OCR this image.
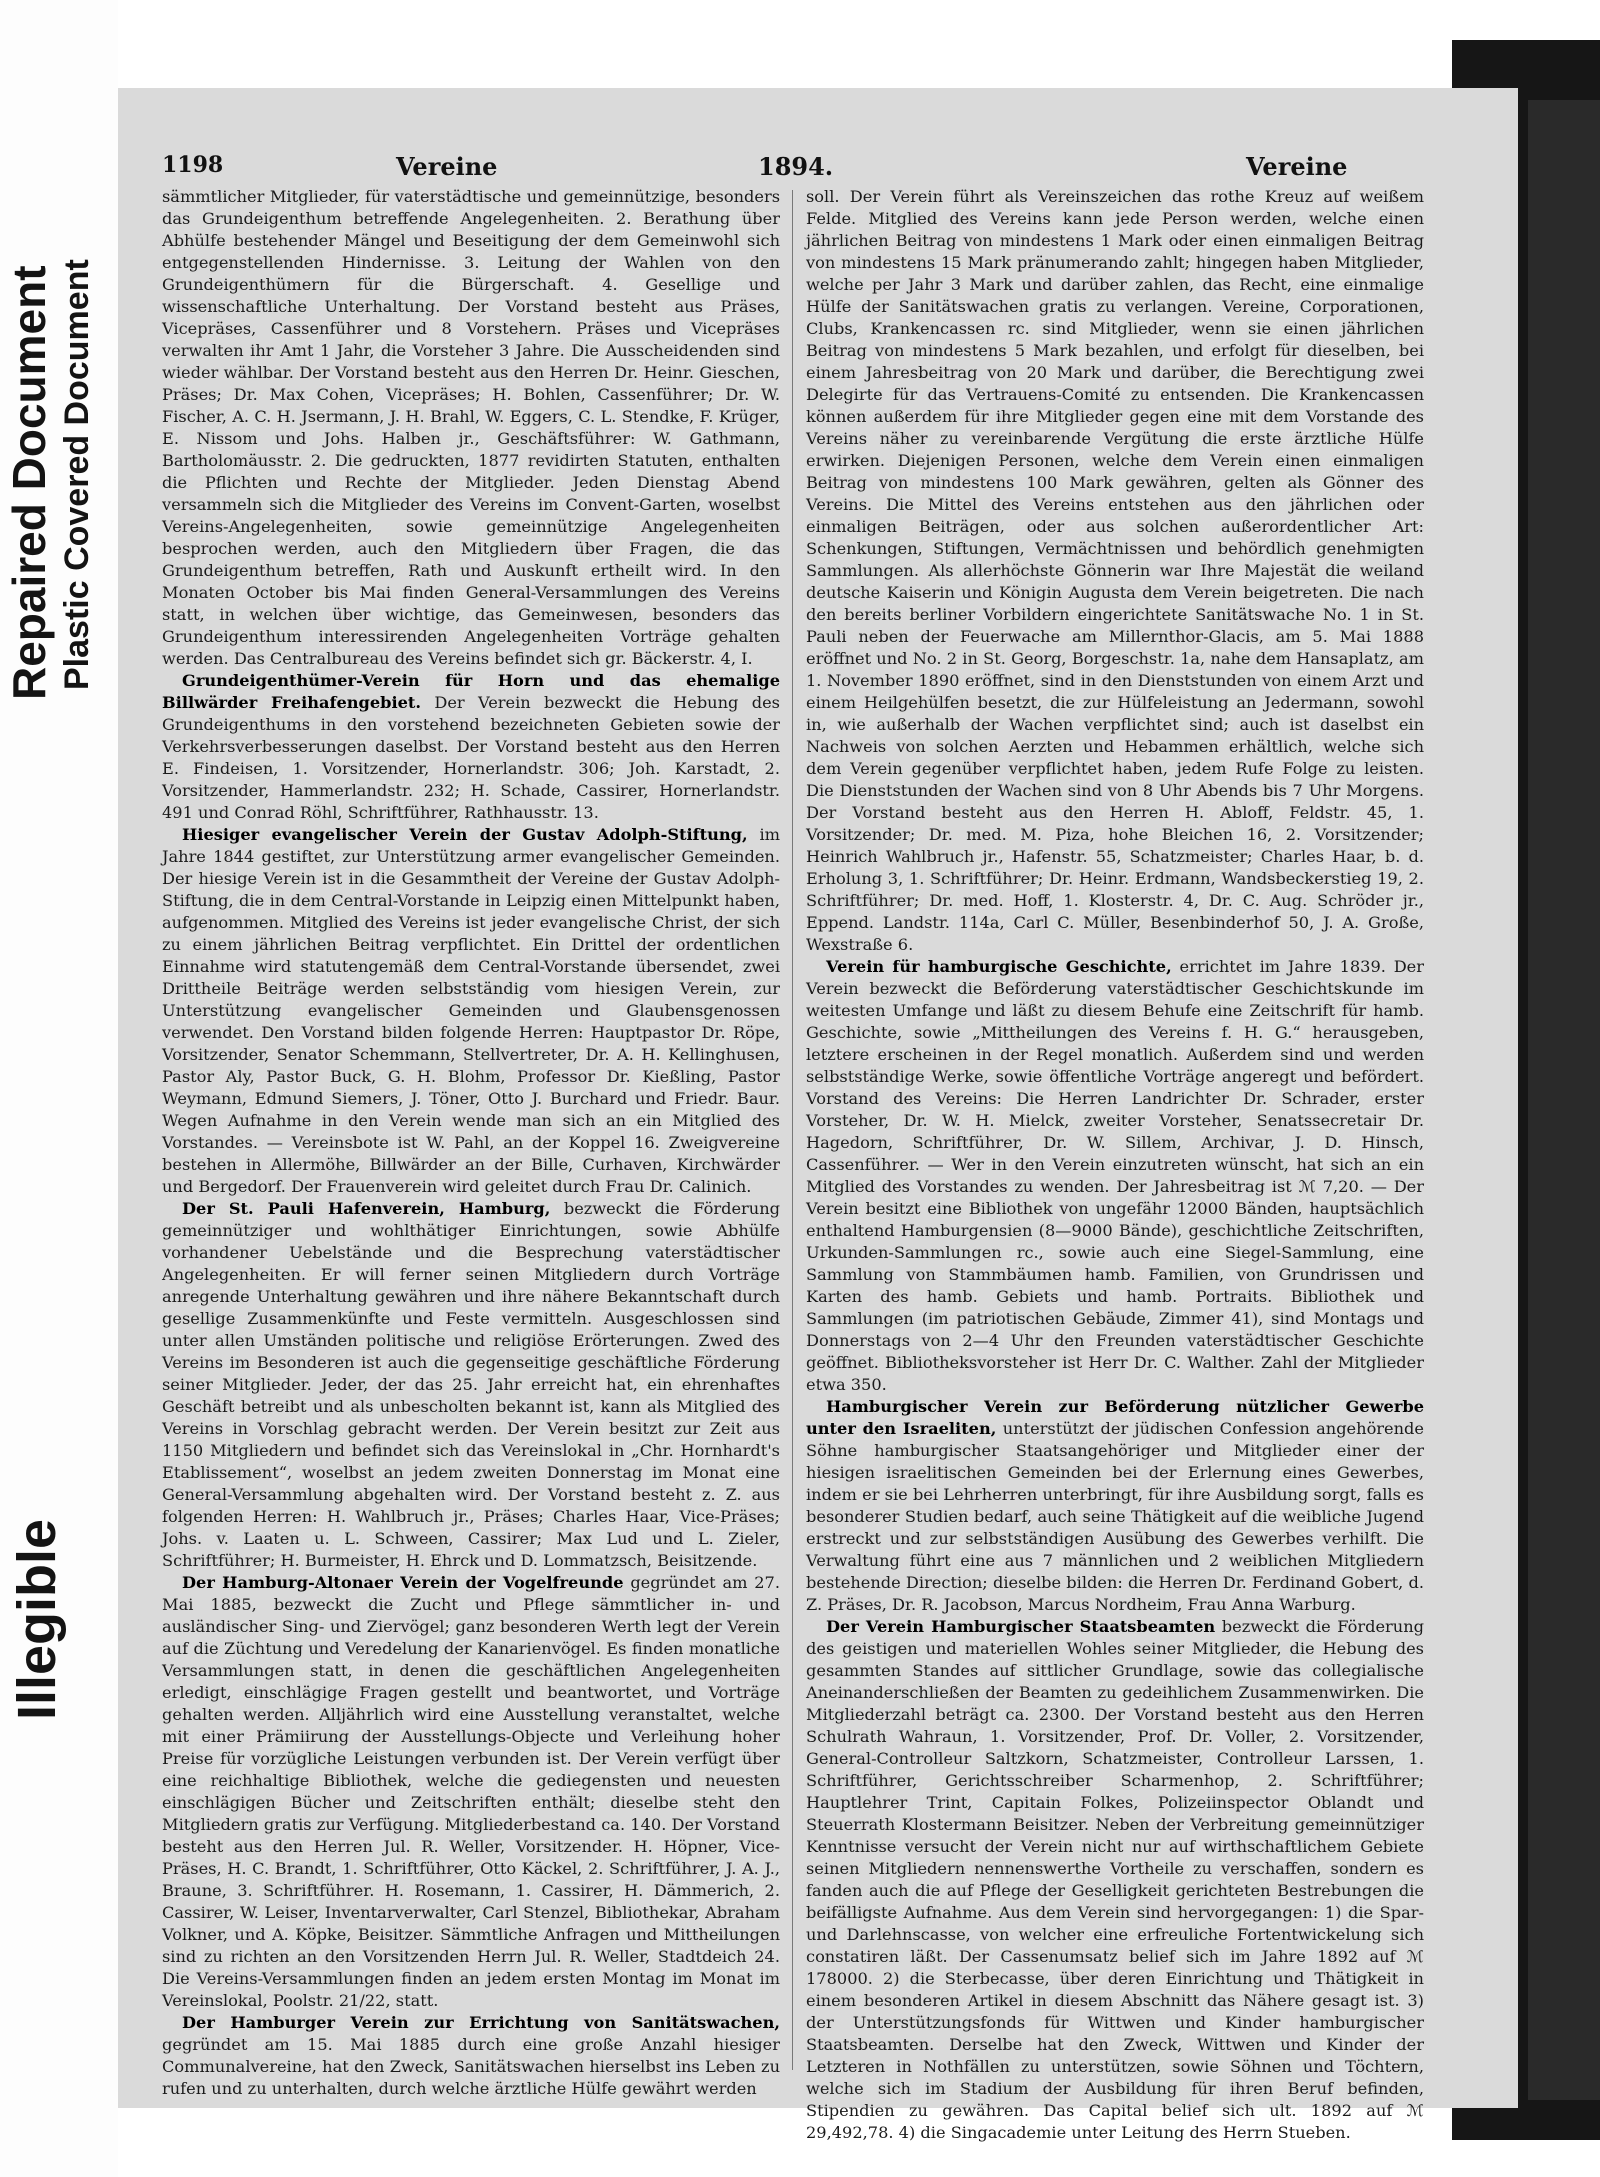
Repaired Document Plastic Covered Document
Illegible
1198	Vereine	1894.	Vereine

sämmtlicher Mitglieder, für vaterstädtische und gemeinnützige, besonders das Grundeigenthum betreffende Angelegenheiten. 2. Berathung über Abhülfe bestehender Mängel und Beseitigung der dem Gemeinwohl sich entgegenstellenden Hindernisse. 3. Leitung der Wahlen von den Grundeigenthümern für die Bürgerschaft. 4. Gesellige und wissenschaftliche Unterhaltung. Der Vorstand besteht aus Präses, Vicepräses, Cassenführer und 8 Vorstehern. Präses und Vicepräses verwalten ihr Amt 1 Jahr, die Vorsteher 3 Jahre. Die Ausscheidenden sind wieder wählbar. Der Vorstand besteht aus den Herren Dr. Heinr. Gieschen, Präses; Dr. Max Cohen, Vicepräses; H. Bohlen, Cassenführer; Dr. W. Fischer, A. C. H. Jsermann, J. H. Brahl, W. Eggers, C. L. Stendke, F. Krüger, E. Nissom und Johs. Halben jr., Geschäftsführer: W. Gathmann, Bartholomäusstr. 2. Die gedruckten, 1877 revidirten Statuten, enthalten die Pflichten und Rechte der Mitglieder. Jeden Dienstag Abend versammeln sich die Mitglieder des Vereins im Convent-Garten, woselbst Vereins-Angelegenheiten, sowie gemeinnützige Angelegenheiten besprochen werden, auch den Mitgliedern über Fragen, die das Grundeigenthum betreffen, Rath und Auskunft ertheilt wird. In den Monaten October bis Mai finden General-Versammlungen des Vereins statt, in welchen über wichtige, das Gemeinwesen, besonders das Grundeigenthum interessirenden Angelegenheiten Vorträge gehalten werden. Das Centralbureau des Vereins befindet sich gr. Bäckerstr. 4, I.

Grundeigenthümer-Verein für Horn und das ehemalige Billwärder Freihafengebiet. Der Verein bezweckt die Hebung des Grundeigenthums in den vorstehend bezeichneten Gebieten sowie der Verkehrsverbesserungen daselbst. Der Vorstand besteht aus den Herren E. Findeisen, 1. Vorsitzender, Hornerlandstr. 306; Joh. Karstadt, 2. Vorsitzender, Hammerlandstr. 232; H. Schade, Cassirer, Hornerlandstr. 491 und Conrad Röhl, Schriftführer, Rathhausstr. 13.

Hiesiger evangelischer Verein der Gustav Adolph-Stiftung, im Jahre 1844 gestiftet, zur Unterstützung armer evangelischer Gemeinden. Der hiesige Verein ist in die Gesammtheit der Vereine der Gustav Adolph-Stiftung, die in dem Central-Vorstande in Leipzig einen Mittelpunkt haben, aufgenommen. Mitglied des Vereins ist jeder evangelische Christ, der sich zu einem jährlichen Beitrag verpflichtet. Ein Drittel der ordentlichen Einnahme wird statutengemäß dem Central-Vorstande übersendet, zwei Drittheile Beiträge werden selbstständig vom hiesigen Verein, zur Unterstützung evangelischer Gemeinden und Glaubensgenossen verwendet. Den Vorstand bilden folgende Herren: Hauptpastor Dr. Röpe, Vorsitzender, Senator Schemmann, Stellvertreter, Dr. A. H. Kellinghusen, Pastor Aly, Pastor Buck, G. H. Blohm, Professor Dr. Kießling, Pastor Weymann, Edmund Siemers, J. Töner, Otto J. Burchard und Friedr. Baur. Wegen Aufnahme in den Verein wende man sich an ein Mitglied des Vorstandes. — Vereinsbote ist W. Pahl, an der Koppel 16. Zweigvereine bestehen in Allermöhe, Billwärder an der Bille, Curhaven, Kirchwärder und Bergedorf. Der Frauenverein wird geleitet durch Frau Dr. Calinich.

Der St. Pauli Hafenverein, Hamburg, bezweckt die Förderung gemeinnütziger und wohlthätiger Einrichtungen, sowie Abhülfe vorhandener Uebelstände und die Besprechung vaterstädtischer Angelegenheiten. Er will ferner seinen Mitgliedern durch Vorträge anregende Unterhaltung gewähren und ihre nähere Bekanntschaft durch gesellige Zusammenkünfte und Feste vermitteln. Ausgeschlossen sind unter allen Umständen politische und religiöse Erörterungen. Zwed des Vereins im Besonderen ist auch die gegenseitige geschäftliche Förderung seiner Mitglieder. Jeder, der das 25. Jahr erreicht hat, ein ehrenhaftes Geschäft betreibt und als unbescholten bekannt ist, kann als Mitglied des Vereins in Vorschlag gebracht werden. Der Verein besitzt zur Zeit aus 1150 Mitgliedern und befindet sich das Vereinslokal in „Chr. Hornhardt's Etablissement“, woselbst an jedem zweiten Donnerstag im Monat eine General-Versammlung abgehalten wird. Der Vorstand besteht z. Z. aus folgenden Herren: H. Wahlbruch jr., Präses; Charles Haar, Vice-Präses; Johs. v. Laaten u. L. Schween, Cassirer; Max Lud und L. Zieler, Schriftführer; H. Burmeister, H. Ehrck und D. Lommatzsch, Beisitzende.

Der Hamburg-Altonaer Verein der Vogelfreunde gegründet am 27. Mai 1885, bezweckt die Zucht und Pflege sämmtlicher in- und ausländischer Sing- und Ziervögel; ganz besonderen Werth legt der Verein auf die Züchtung und Veredelung der Kanarienvögel. Es finden monatliche Versammlungen statt, in denen die geschäftlichen Angelegenheiten erledigt, einschlägige Fragen gestellt und beantwortet, und Vorträge gehalten werden. Alljährlich wird eine Ausstellung veranstaltet, welche mit einer Prämiirung der Ausstellungs-Objecte und Verleihung hoher Preise für vorzügliche Leistungen verbunden ist. Der Verein verfügt über eine reichhaltige Bibliothek, welche die gediegensten und neuesten einschlägigen Bücher und Zeitschriften enthält; dieselbe steht den Mitgliedern gratis zur Verfügung. Mitgliederbestand ca. 140. Der Vorstand besteht aus den Herren Jul. R. Weller, Vorsitzender. H. Höpner, Vice-Präses, H. C. Brandt, 1. Schriftführer, Otto Käckel, 2. Schriftführer, J. A. J., Braune, 3. Schriftführer. H. Rosemann, 1. Cassirer, H. Dämmerich, 2. Cassirer, W. Leiser, Inventarverwalter, Carl Stenzel, Bibliothekar, Abraham Volkner, und A. Köpke, Beisitzer. Sämmtliche Anfragen und Mittheilungen sind zu richten an den Vorsitzenden Herrn Jul. R. Weller, Stadtdeich 24. Die Vereins-Versammlungen finden an jedem ersten Montag im Monat im Vereinslokal, Poolstr. 21/22, statt.

Der Hamburger Verein zur Errichtung von Sanitätswachen, gegründet am 15. Mai 1885 durch eine große Anzahl hiesiger Communalvereine, hat den Zweck, Sanitätswachen hierselbst ins Leben zu rufen und zu unterhalten, durch welche ärztliche Hülfe gewährt werden

soll. Der Verein führt als Vereinszeichen das rothe Kreuz auf weißem Felde. Mitglied des Vereins kann jede Person werden, welche einen jährlichen Beitrag von mindestens 1 Mark oder einen einmaligen Beitrag von mindestens 15 Mark pränumerando zahlt; hingegen haben Mitglieder, welche per Jahr 3 Mark und darüber zahlen, das Recht, eine einmalige Hülfe der Sanitätswachen gratis zu verlangen. Vereine, Corporationen, Clubs, Krankencassen rc. sind Mitglieder, wenn sie einen jährlichen Beitrag von mindestens 5 Mark bezahlen, und erfolgt für dieselben, bei einem Jahresbeitrag von 20 Mark und darüber, die Berechtigung zwei Delegirte für das Vertrauens-Comité zu entsenden. Die Krankencassen können außerdem für ihre Mitglieder gegen eine mit dem Vorstande des Vereins näher zu vereinbarende Vergütung die erste ärztliche Hülfe erwirken. Diejenigen Personen, welche dem Verein einen einmaligen Beitrag von mindestens 100 Mark gewähren, gelten als Gönner des Vereins. Die Mittel des Vereins entstehen aus den jährlichen oder einmaligen Beiträgen, oder aus solchen außerordentlicher Art: Schenkungen, Stiftungen, Vermächtnissen und behördlich genehmigten Sammlungen. Als allerhöchste Gönnerin war Ihre Majestät die weiland deutsche Kaiserin und Königin Augusta dem Verein beigetreten. Die nach den bereits berliner Vorbildern eingerichtete Sanitätswache No. 1 in St. Pauli neben der Feuerwache am Millernthor-Glacis, am 5. Mai 1888 eröffnet und No. 2 in St. Georg, Borgeschstr. 1a, nahe dem Hansaplatz, am 1. November 1890 eröffnet, sind in den Dienststunden von einem Arzt und einem Heilgehülfen besetzt, die zur Hülfeleistung an Jedermann, sowohl in, wie außerhalb der Wachen verpflichtet sind; auch ist daselbst ein Nachweis von solchen Aerzten und Hebammen erhältlich, welche sich dem Verein gegenüber verpflichtet haben, jedem Rufe Folge zu leisten. Die Dienststunden der Wachen sind von 8 Uhr Abends bis 7 Uhr Morgens. Der Vorstand besteht aus den Herren H. Abloff, Feldstr. 45, 1. Vorsitzender; Dr. med. M. Piza, hohe Bleichen 16, 2. Vorsitzender; Heinrich Wahlbruch jr., Hafenstr. 55, Schatzmeister; Charles Haar, b. d. Erholung 3, 1. Schriftführer; Dr. Heinr. Erdmann, Wandsbeckerstieg 19, 2. Schriftführer; Dr. med. Hoff, 1. Klosterstr. 4, Dr. C. Aug. Schröder jr., Eppend. Landstr. 114a, Carl C. Müller, Besenbinderhof 50, J. A. Große, Wexstraße 6.

Verein für hamburgische Geschichte, errichtet im Jahre 1839. Der Verein bezweckt die Beförderung vaterstädtischer Geschichtskunde im weitesten Umfange und läßt zu diesem Behufe eine Zeitschrift für hamb. Geschichte, sowie „Mittheilungen des Vereins f. H. G.“ herausgeben, letztere erscheinen in der Regel monatlich. Außerdem sind und werden selbstständige Werke, sowie öffentliche Vorträge angeregt und befördert. Vorstand des Vereins: Die Herren Landrichter Dr. Schrader, erster Vorsteher, Dr. W. H. Mielck, zweiter Vorsteher, Senatssecretair Dr. Hagedorn, Schriftführer, Dr. W. Sillem, Archivar, J. D. Hinsch, Cassenführer. — Wer in den Verein einzutreten wünscht, hat sich an ein Mitglied des Vorstandes zu wenden. Der Jahresbeitrag ist ℳ 7,20. — Der Verein besitzt eine Bibliothek von ungefähr 12000 Bänden, hauptsächlich enthaltend Hamburgensien (8—9000 Bände), geschichtliche Zeitschriften, Urkunden-Sammlungen rc., sowie auch eine Siegel-Sammlung, eine Sammlung von Stammbäumen hamb. Familien, von Grundrissen und Karten des hamb. Gebiets und hamb. Portraits. Bibliothek und Sammlungen (im patriotischen Gebäude, Zimmer 41), sind Montags und Donnerstags von 2—4 Uhr den Freunden vaterstädtischer Geschichte geöffnet. Bibliotheksvorsteher ist Herr Dr. C. Walther. Zahl der Mitglieder etwa 350.

Hamburgischer Verein zur Beförderung nützlicher Gewerbe unter den Israeliten, unterstützt der jüdischen Confession angehörende Söhne hamburgischer Staatsangehöriger und Mitglieder einer der hiesigen israelitischen Gemeinden bei der Erlernung eines Gewerbes, indem er sie bei Lehrherren unterbringt, für ihre Ausbildung sorgt, falls es besonderer Studien bedarf, auch seine Thätigkeit auf die weibliche Jugend erstreckt und zur selbstständigen Ausübung des Gewerbes verhilft. Die Verwaltung führt eine aus 7 männlichen und 2 weiblichen Mitgliedern bestehende Direction; dieselbe bilden: die Herren Dr. Ferdinand Gobert, d. Z. Präses, Dr. R. Jacobson, Marcus Nordheim, Frau Anna Warburg.

Der Verein Hamburgischer Staatsbeamten bezweckt die Förderung des geistigen und materiellen Wohles seiner Mitglieder, die Hebung des gesammten Standes auf sittlicher Grundlage, sowie das collegialische Aneinanderschließen der Beamten zu gedeihlichem Zusammenwirken. Die Mitgliederzahl beträgt ca. 2300. Der Vorstand besteht aus den Herren Schulrath Wahraun, 1. Vorsitzender, Prof. Dr. Voller, 2. Vorsitzender, General-Controlleur Saltzkorn, Schatzmeister, Controlleur Larssen, 1. Schriftführer, Gerichtsschreiber Scharmenhop, 2. Schriftführer; Hauptlehrer Trint, Capitain Folkes, Polizeiinspector Oblandt und Steuerrath Klostermann Beisitzer. Neben der Verbreitung gemeinnütziger Kenntnisse versucht der Verein nicht nur auf wirthschaftlichem Gebiete seinen Mitgliedern nennenswerthe Vortheile zu verschaffen, sondern es fanden auch die auf Pflege der Geselligkeit gerichteten Bestrebungen die beifälligste Aufnahme. Aus dem Verein sind hervorgegangen: 1) die Spar- und Darlehnscasse, von welcher eine erfreuliche Fortentwickelung sich constatiren läßt. Der Cassenumsatz belief sich im Jahre 1892 auf ℳ 178000. 2) die Sterbecasse, über deren Einrichtung und Thätigkeit in einem besonderen Artikel in diesem Abschnitt das Nähere gesagt ist. 3) der Unterstützungsfonds für Wittwen und Kinder hamburgischer Staatsbeamten. Derselbe hat den Zweck, Wittwen und Kinder der Letzteren in Nothfällen zu unterstützen, sowie Söhnen und Töchtern, welche sich im Stadium der Ausbildung für ihren Beruf befinden, Stipendien zu gewähren. Das Capital belief sich ult. 1892 auf ℳ 29,492,78. 4) die Singacademie unter Leitung des Herrn Stueben.
